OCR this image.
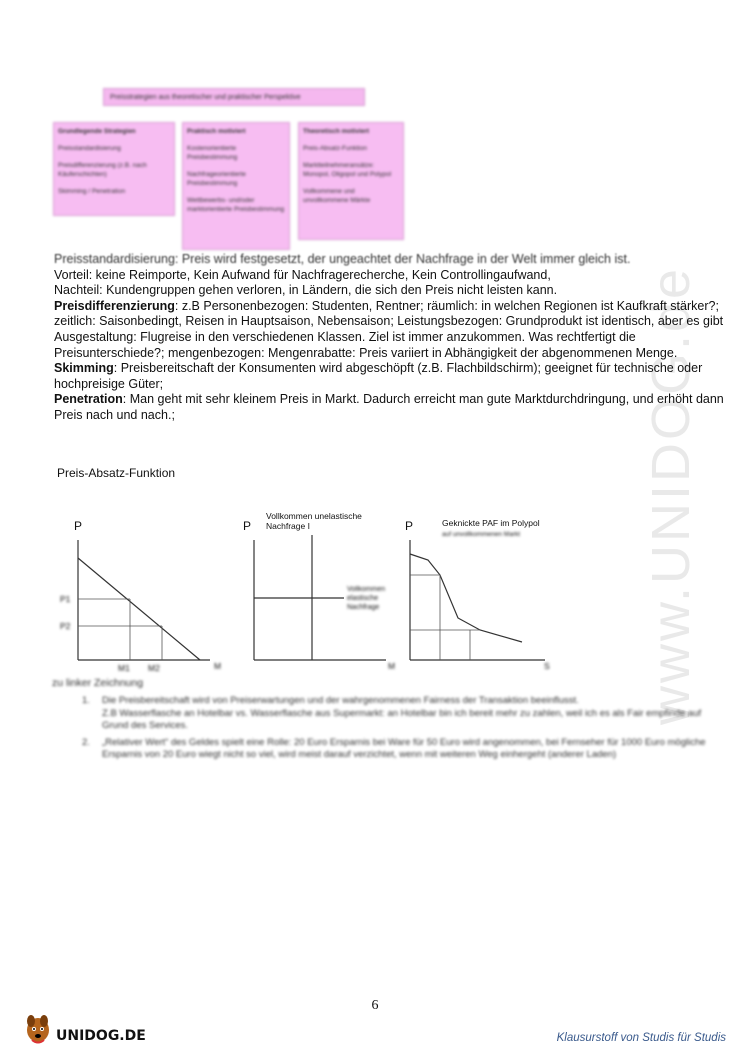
www.UNIDOG.de
Preisstrategien aus theoretischer und praktischer Perspektive
Grundlegende Strategien
Preisstandardisierung
Preisdifferenzierung (z.B. nach Käuferschichten)
Skimming / Penetration
Praktisch motiviert
Kostenorientierte Preisbestimmung
Nachfrageorientierte Preisbestimmung
Wettbewerbs- und/oder marktorientierte Preisbestimmung
Theoretisch motiviert
Preis-Absatz-Funktion
Marktteilnehmeransätze: Monopol, Oligopol und Polypol
Vollkommene und unvollkommene Märkte
Preisstandardisierung: Preis wird festgesetzt, der ungeachtet der Nachfrage in der Welt immer gleich ist.
Vorteil: keine Reimporte, Kein Aufwand für Nachfragerecherche, Kein Controllingaufwand,
Nachteil: Kundengruppen gehen verloren, in Ländern, die sich den Preis nicht leisten kann.
Preisdifferenzierung: z.B Personenbezogen: Studenten, Rentner; räumlich: in welchen Regionen ist Kaufkraft stärker?; zeitlich: Saisonbedingt, Reisen in Hauptsaison, Nebensaison; Leistungsbezogen: Grundprodukt ist identisch, aber es gibt Ausgestaltung: Flugreise in den verschiedenen Klassen. Ziel ist immer anzukommen. Was rechtfertigt die Preisunterschiede?; mengenbezogen: Mengenrabatte: Preis variiert in Abhängigkeit der abgenommenen Menge.
Skimming: Preisbereitschaft der Konsumenten wird abgeschöpft (z.B. Flachbildschirm); geeignet für technische oder hochpreisige Güter;
Penetration: Man geht mit sehr kleinem Preis in Markt. Dadurch erreicht man gute Marktdurchdringung, und erhöht dann Preis nach und nach.;
Preis-Absatz-Funktion
P
P1
P2
M1 M2	M
P
Vollkommen unelastische Nachfrage I
Vollkommen elastische Nachfrage
M
P	Geknickte PAF im Polypol
auf unvollkommenen Markt
S
zu linker Zeichnung
1. Die Preisbereitschaft wird von Preiserwartungen und der wahrgenommenen Fairness der Transaktion beeinflusst.
Z.B Wasserflasche an Hotelbar vs. Wasserflasche aus Supermarkt: an Hotelbar bin ich bereit mehr zu zahlen, weil ich es als Fair empfinde auf Grund des Services.
2. „Relativer Wert“ des Geldes spielt eine Rolle: 20 Euro Ersparnis bei Ware für 50 Euro wird angenommen, bei Fernseher für 1000 Euro mögliche Ersparnis von 20 Euro wiegt nicht so viel, wird meist darauf verzichtet, wenn mit weiteren Weg einhergeht (anderer Laden)
6
UNIDOG.DE	Klausurstoff von Studis für Studis
